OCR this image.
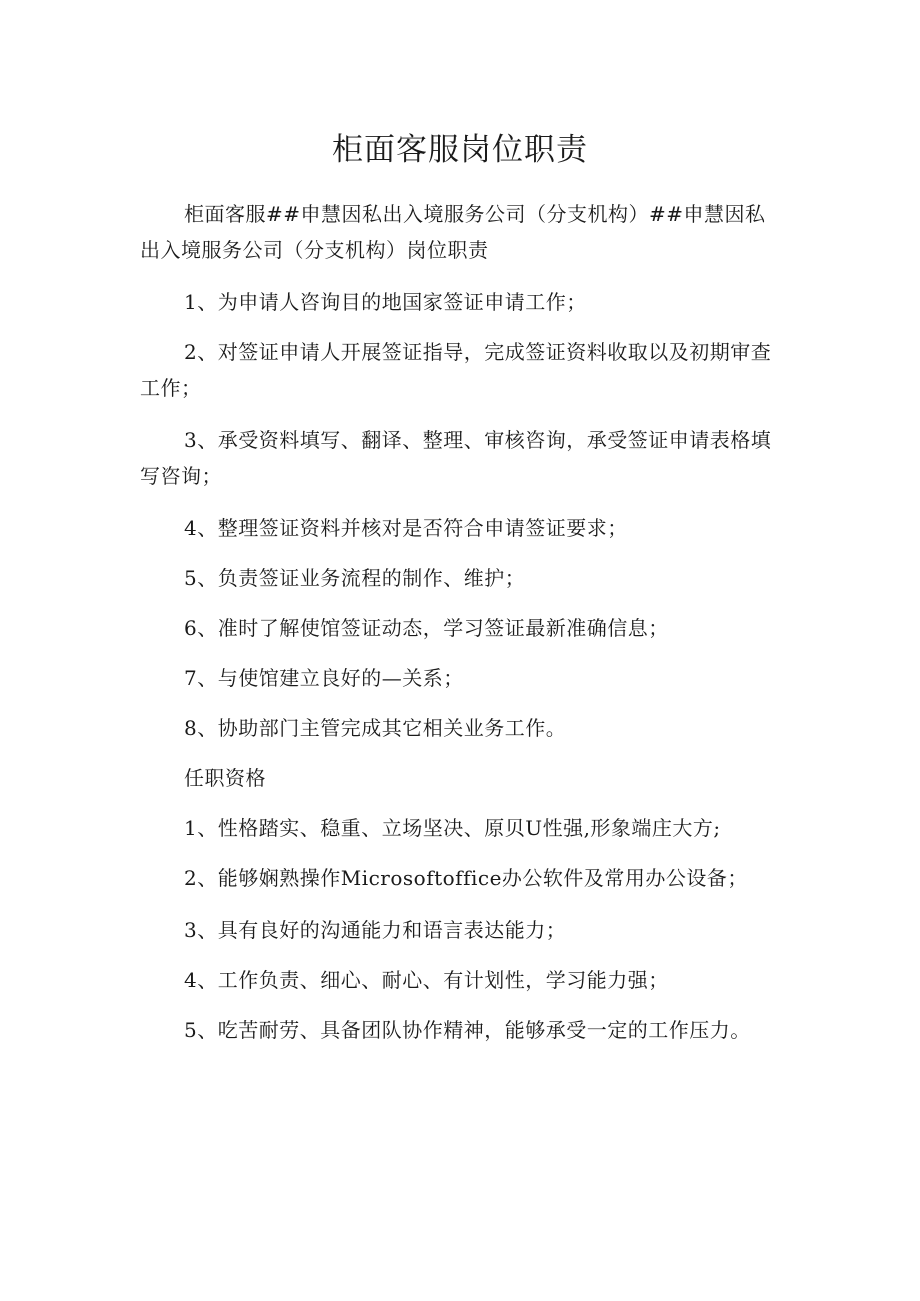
柜面客服岗位职责

柜面客服##申慧因私出入境服务公司（分支机构）##申慧因私出入境服务公司（分支机构）岗位职责

1、为申请人咨询目的地国家签证申请工作；

2、对签证申请人开展签证指导，完成签证资料收取以及初期审查工作；

3、承受资料填写、翻译、整理、审核咨询，承受签证申请表格填写咨询；

4、整理签证资料并核对是否符合申请签证要求；

5、负责签证业务流程的制作、维护；

6、准时了解使馆签证动态，学习签证最新准确信息；

7、与使馆建立良好的—关系；

8、协助部门主管完成其它相关业务工作。

任职资格

1、性格踏实、稳重、立场坚决、原贝U性强,形象端庄大方;

2、能够娴熟操作Microsoftoffice办公软件及常用办公设备；

3、具有良好的沟通能力和语言表达能力；

4、工作负责、细心、耐心、有计划性，学习能力强；

5、吃苦耐劳、具备团队协作精神，能够承受一定的工作压力。
